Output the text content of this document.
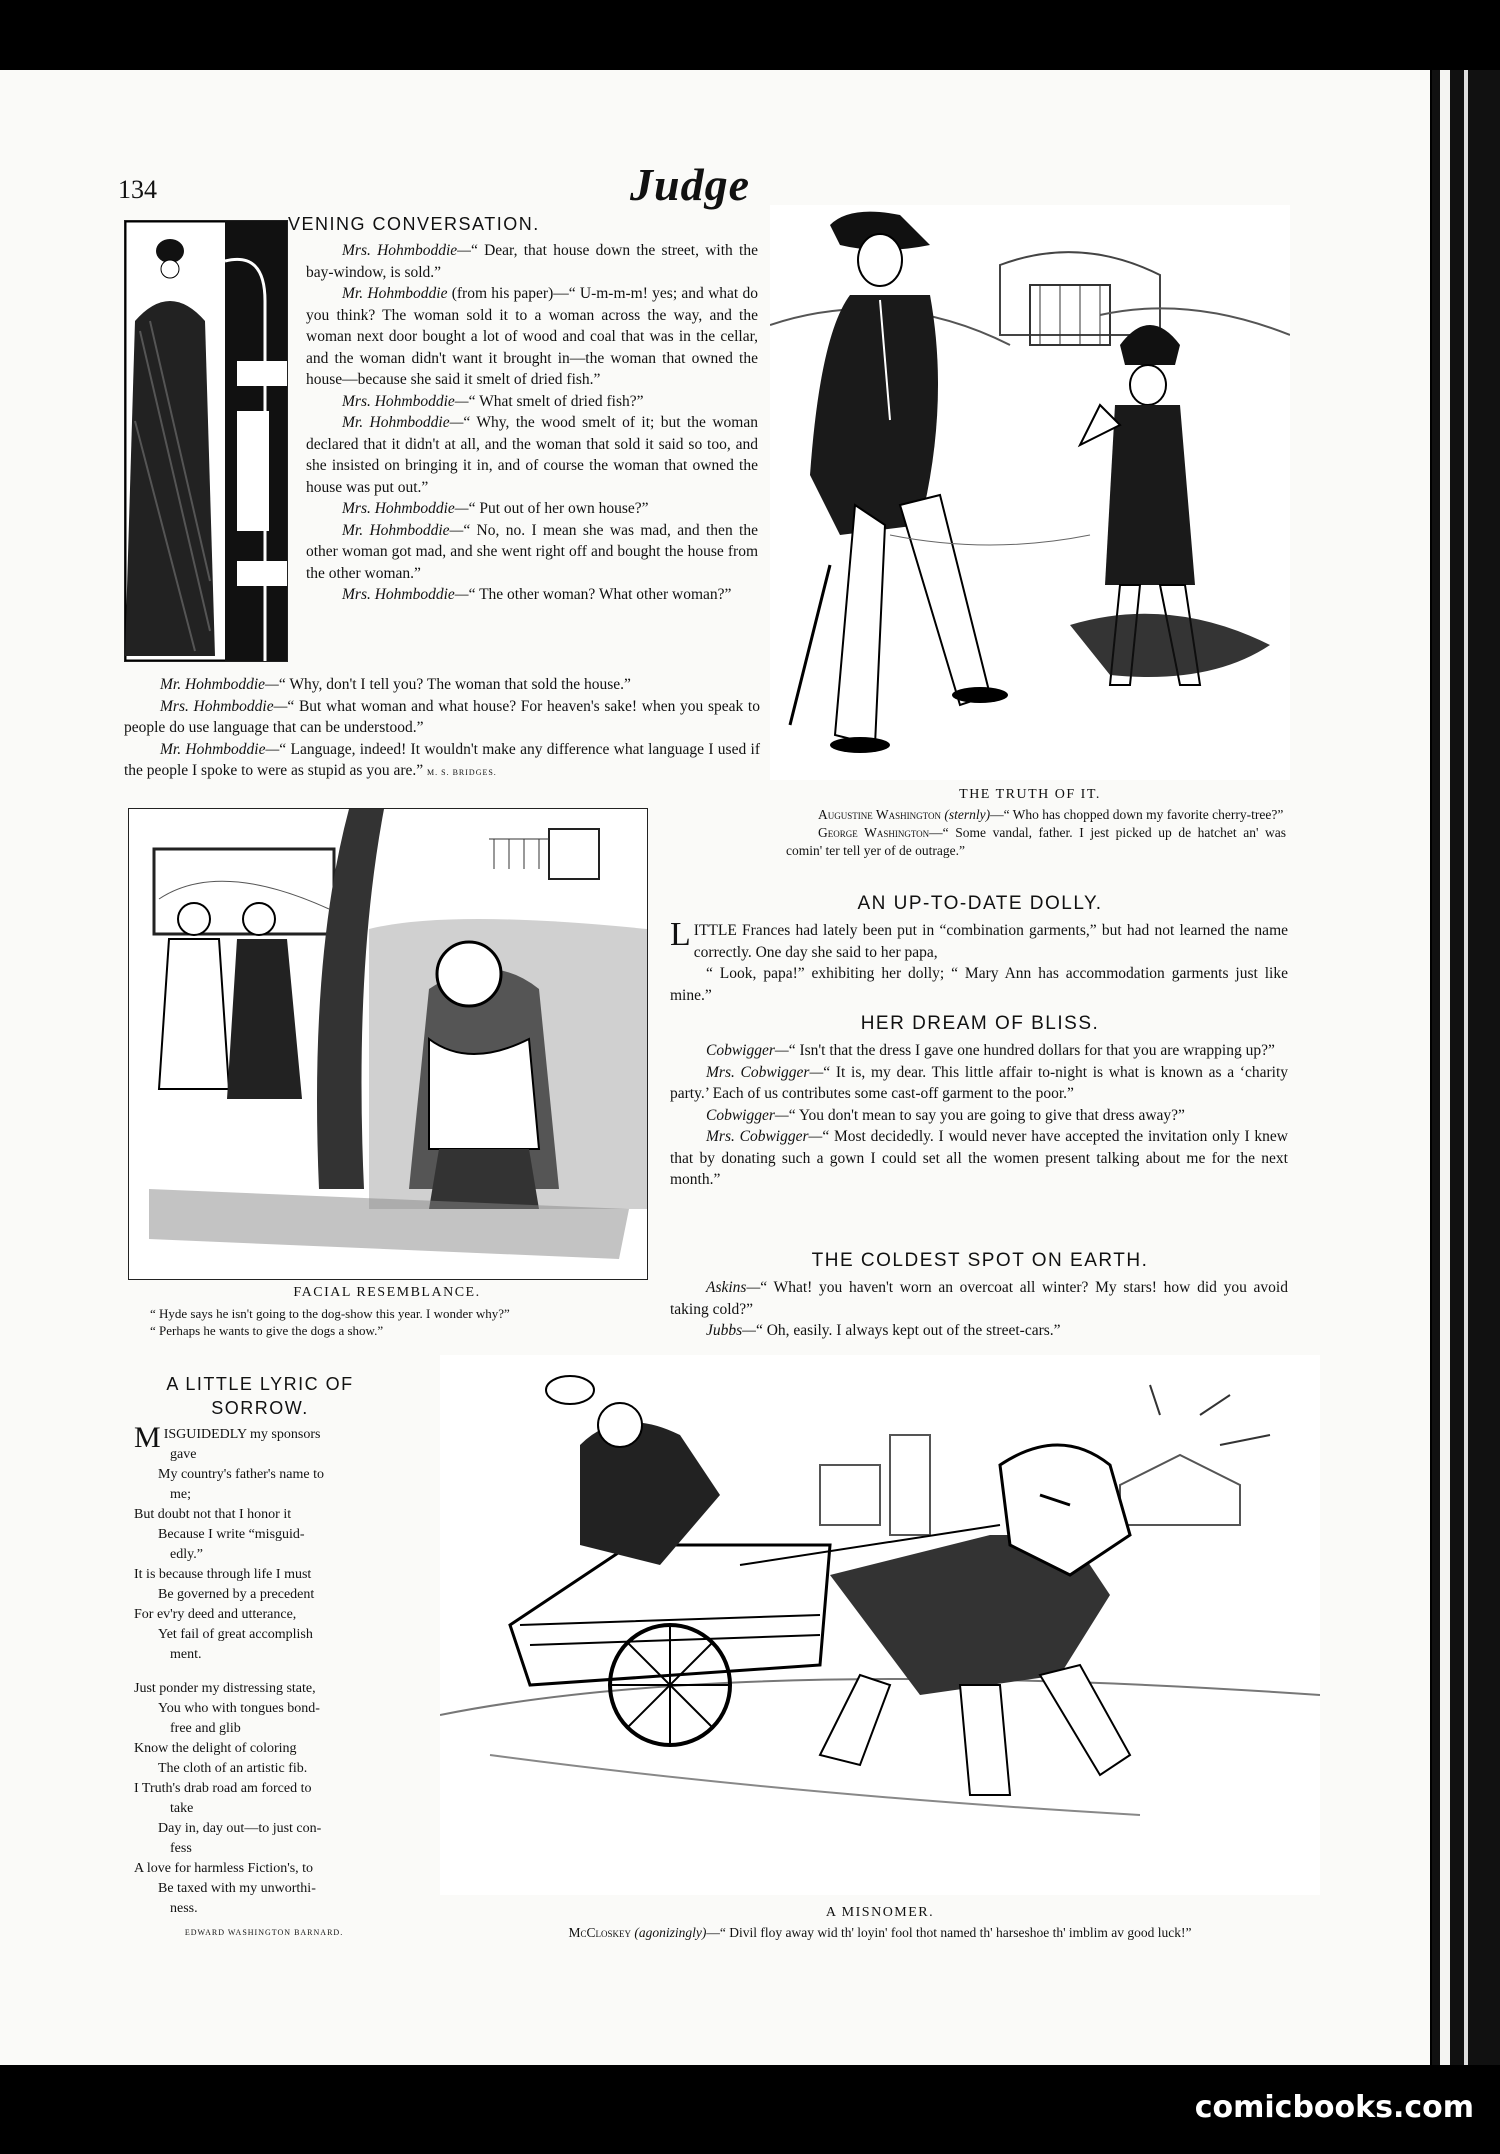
comicbooks.com
134	Judge
VENING CONVERSATION.

Mrs. Hohmboddie—“ Dear, that house down the street, with the bay-window, is sold.”

Mr. Hohmboddie (from his paper)—“ U-m-m-m! yes; and what do you think? The woman sold it to a woman across the way, and the woman next door bought a lot of wood and coal that was in the cellar, and the woman didn't want it brought in—the woman that owned the house—because she said it smelt of dried fish.”

Mrs. Hohmboddie—“ What smelt of dried fish?”

Mr. Hohmboddie—“ Why, the wood smelt of it; but the woman declared that it didn't at all, and the woman that sold it said so too, and she insisted on bringing it in, and of course the woman that owned the house was put out.”

Mrs. Hohmboddie—“ Put out of her own house?”

Mr. Hohmboddie—“ No, no. I mean she was mad, and then the other woman got mad, and she went right off and bought the house from the other woman.”

Mrs. Hohmboddie—“ The other woman? What other woman?”

Mr. Hohmboddie—“ Why, don't I tell you? The woman that sold the house.”

Mrs. Hohmboddie—“ But what woman and what house? For heaven's sake! when you speak to people do use language that can be understood.”

Mr. Hohmboddie—“ Language, indeed! It wouldn't make any difference what language I used if the people I spoke to were as stupid as you are.” M. S. BRIDGES.

THE TRUTH OF IT.

Augustine Washington (sternly)—“ Who has chopped down my favorite cherry-tree?”

George Washington—“ Some vandal, father. I jest picked up de hatchet an' was comin' ter tell yer of de outrage.”

FACIAL RESEMBLANCE.

“ Hyde says he isn't going to the dog-show this year. I wonder why?”

“ Perhaps he wants to give the dogs a show.”

AN UP-TO-DATE DOLLY.

LITTLE Frances had lately been put in “combination garments,” but had not learned the name correctly. One day she said to her papa,

“ Look, papa!” exhibiting her dolly; “ Mary Ann has accommodation garments just like mine.”

HER DREAM OF BLISS.

Cobwigger—“ Isn't that the dress I gave one hundred dollars for that you are wrapping up?”

Mrs. Cobwigger—“ It is, my dear. This little affair to-night is what is known as a ‘charity party.’ Each of us contributes some cast-off garment to the poor.”

Cobwigger—“ You don't mean to say you are going to give that dress away?”

Mrs. Cobwigger—“ Most decidedly. I would never have accepted the invitation only I knew that by donating such a gown I could set all the women present talking about me for the next month.”

THE COLDEST SPOT ON EARTH.

Askins—“ What! you haven't worn an overcoat all winter? My stars! how did you avoid taking cold?”

Jubbs—“ Oh, easily. I always kept out of the street-cars.”

A LITTLE LYRIC OF SORROW.
M ISGUIDEDLY my sponsors
gave
My country's father's name to
me;
But doubt not that I honor it
Because I write “misguid-
edly.”
It is because through life I must
Be governed by a precedent
For ev'ry deed and utterance,
Yet fail of great accomplish
ment.
Just ponder my distressing state,
You who with tongues bond-
free and glib
Know the delight of coloring
The cloth of an artistic fib.
I Truth's drab road am forced to
take
Day in, day out—to just con-
fess
A love for harmless Fiction's, to
Be taxed with my unworthi-
ness.
EDWARD WASHINGTON BARNARD.
A MISNOMER.
McCloskey (agonizingly)—“ Divil floy away wid th' loyin' fool thot named th' harseshoe th' imblim av good luck!”
